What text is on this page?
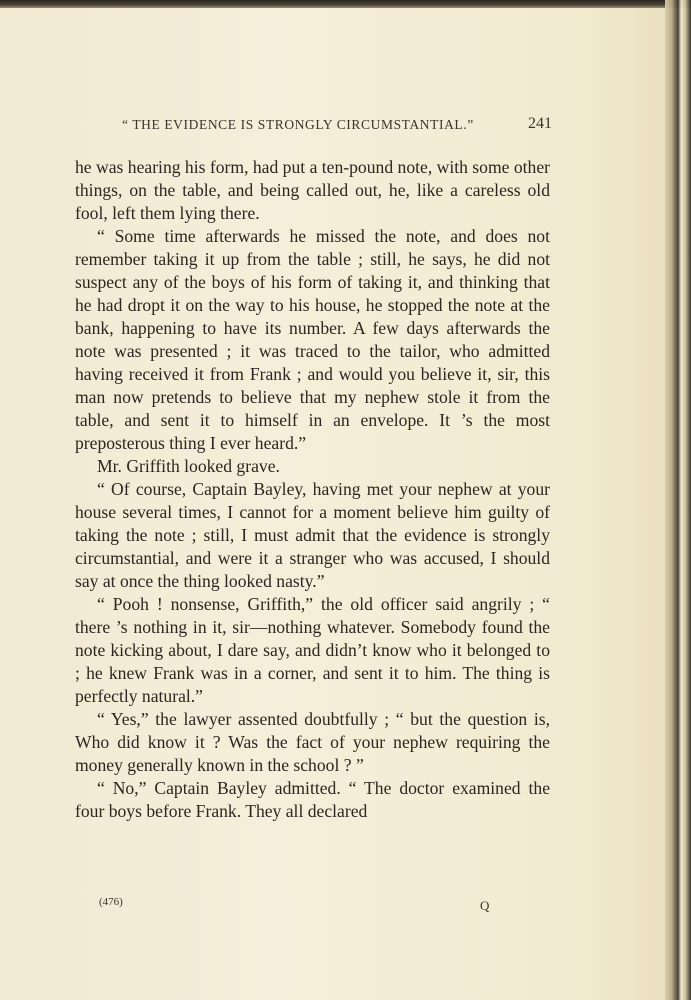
“ THE EVIDENCE IS STRONGLY CIRCUMSTANTIAL.”	241

he was hearing his form, had put a ten-pound note, with some other things, on the table, and being called out, he, like a careless old fool, left them lying there.

“ Some time afterwards he missed the note, and does not remember taking it up from the table ; still, he says, he did not suspect any of the boys of his form of taking it, and thinking that he had dropt it on the way to his house, he stopped the note at the bank, happening to have its number. A few days afterwards the note was presented ; it was traced to the tailor, who admitted having received it from Frank ; and would you believe it, sir, this man now pretends to believe that my nephew stole it from the table, and sent it to himself in an envelope. It ’s the most preposterous thing I ever heard.”

Mr. Griffith looked grave.

“ Of course, Captain Bayley, having met your nephew at your house several times, I cannot for a moment believe him guilty of taking the note ; still, I must admit that the evidence is strongly circumstantial, and were it a stranger who was accused, I should say at once the thing looked nasty.”

“ Pooh ! nonsense, Griffith,” the old officer said angrily ; “ there ’s nothing in it, sir—nothing whatever. Somebody found the note kicking about, I dare say, and didn’t know who it belonged to ; he knew Frank was in a corner, and sent it to him. The thing is perfectly natural.”

“ Yes,” the lawyer assented doubtfully ; “ but the question is, Who did know it ? Was the fact of your nephew requiring the money generally known in the school ? ”

“ No,” Captain Bayley admitted. “ The doctor examined the four boys before Frank. They all declared

(476)	Q
